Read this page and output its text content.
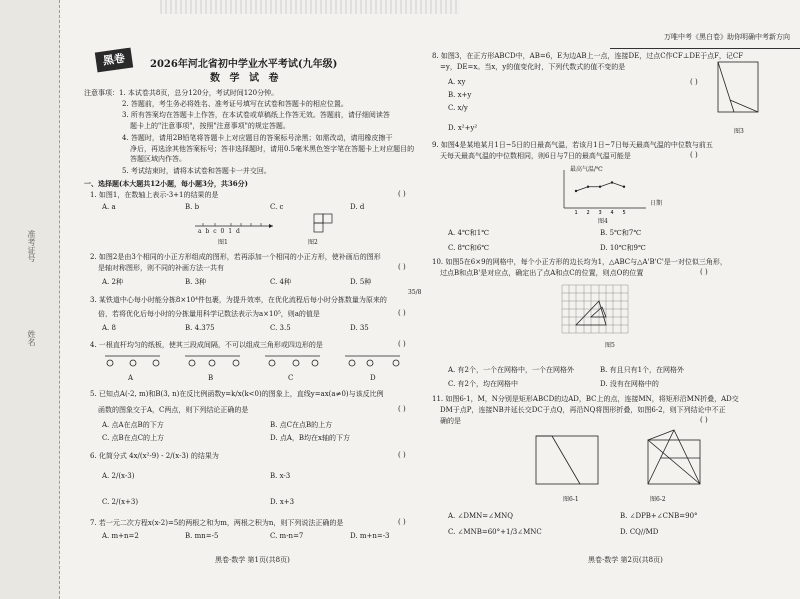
准考证号
姓名
黑卷	2026年河北省初中学业水平考试(九年级)
数 学 试 卷
万唯中考《黑白卷》助你明确中考新方向
注意事项：1. 本试卷共8页，总分120分，考试时间120分钟。
2. 答题前，考生务必将姓名、准考证号填写在试卷和答题卡的相应位置。
3. 所有答案均在答题卡上作答，在本试卷或草稿纸上作答无效。答题前，请仔细阅读答
题卡上的"注意事项"，按照"注意事项"的规定答题。
4. 答题时，请用2B铅笔将答题卡上对应题目的答案标号涂黑；如需改动，请用橡皮擦干
净后，再选涂其他答案标号；答非选择题时，请用0.5毫米黑色签字笔在答题卡上对应题目的答题区域内作答。
5. 考试结束时，请将本试卷和答题卡一并交回。
一、选择题(本大题共12小题，每小题3分，共36分)
1. 如图1，在数轴上表示-3+1的结果的是	( )
A. a	B. b	C. c	D. d
a b c 0 1 d
图1	图2
2. 如图2是由3个相同的小正方形组成的图形，若再添加一个相同的小正方形，使补画后的图形
是轴对称图形，则不同的补画方法一共有	( )
A. 2种	B. 3种	C. 4种	D. 5种
3. 某铁道中心每小时能分拣8×10⁴件包裹，为提升效率，在优化流程后每小时分拣数量为原来的
35/8
倍，若将优化后每小时的分拣量用科学记数法表示为a×10⁵，则a的值是	( )
A. 8	B. 4.375	C. 3.5	D. 35
4. 一根直杆均匀的纸板，使其三段成间隔，不可以组成三角形或四边形的是	( )
A	B	C	D
5. 已知点A(-2, m)和B(3, n)在反比例函数y=k/x(k<0)的图象上，直线y=ax(a≠0)与该反比例
函数的图象交于A，C两点，则下列结论正确的是	( )
A. 点A在点B的下方	B. 点C在点B的上方
C. 点B在点C的上方	D. 点A，B均在x轴的下方
6. 化简分式 4x/(x²-9) - 2/(x-3) 的结果为	( )
A. 2/(x-3)	B. x-3
C. 2/(x+3)	D. x+3
7. 若一元二次方程x(x-2)=5的两根之和为m，两根之积为n，则下列说法正确的是	( )
A. m+n=2	B. mn=-5	C. m-n=7	D. m+n=-3
黑卷·数学 第1页(共8页)
8. 如图3，在正方形ABCD中，AB=6，E为边AB上一点，连接DE，过点C作CF⊥DE于点F，记CF
=y，DE=x。当x，y的值变化时，下列代数式的值不变的是
( )
A. xy
B. x+y
C. x/y
D. x²+y²	图3
9. 如图4是某地某月1日~5日的日最高气温，若该月1日~7日每天最高气温的中位数与前五
天每天最高气温的中位数相同，则6日与7日的最高气温可能是	( )
最高气温/℃
1 2 3 4 5
日期
图4
A. 4℃和1℃	B. 5℃和7℃
C. 8℃和6℃	D. 10℃和9℃
10. 如图5在6×9的网格中，每个小正方形的边长均为1，△ABC与△A'B'C'是一对位似三角形，
过点B和点B'是对应点，确定出了点A和点C的位置，则点O的位置	( )
图5
A. 有2个，一个在网格中，一个在网格外	B. 有且只有1个，在网格外
C. 有2个，均在网格中	D. 没有在网格中的
11. 如图6-1，M，N分别是矩形ABCD的边AD，BC上的点，连接MN，将矩形沿MN折叠，AD交
DM于点P，连接NB并延长交DC于点Q，再沿NQ将图形折叠，如图6-2，则下列结论中不正
确的是	( )
图6-1	图6-2
A. ∠DMN=∠MNQ	B. ∠DPB+∠CNB=90°
C. ∠MNB=60°+1/3∠MNC	D. CQ//MD
黑卷·数学 第2页(共8页)
